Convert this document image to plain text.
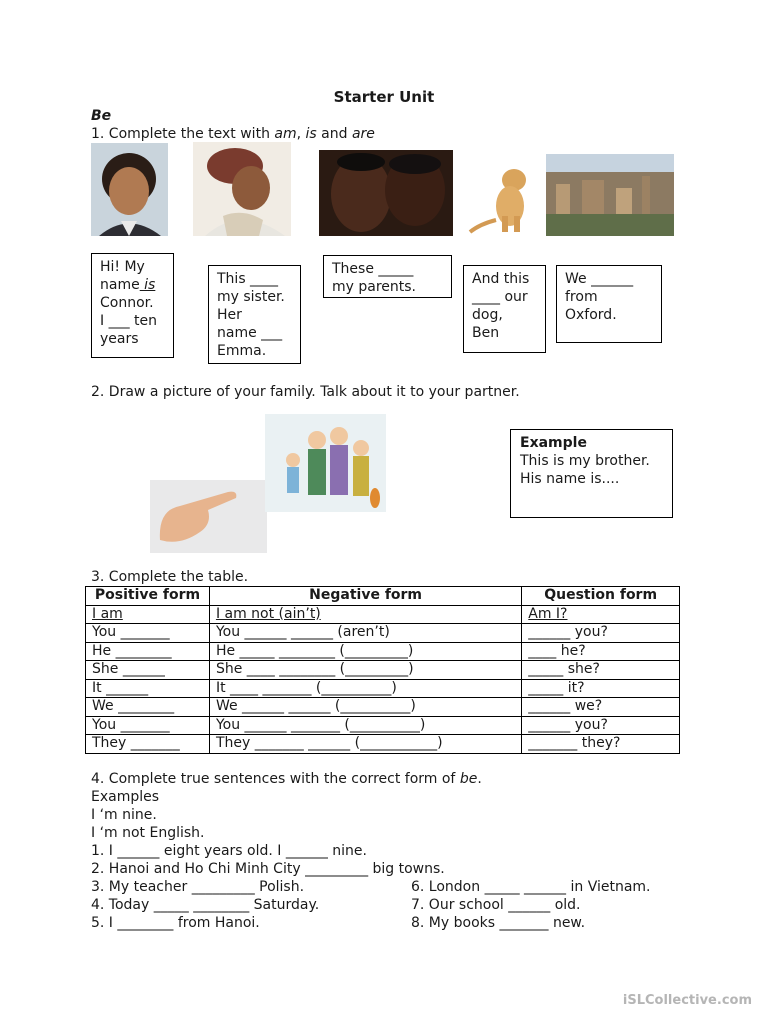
Starter Unit
Be
1. Complete the text with am, is and are
Hi! My
name is
Connor.
I ___ ten
years
This ____
my sister.
Her
name ___
Emma.
These _____
my parents.	And this
____ our
dog,
Ben
We ______
from
Oxford.
2. Draw a picture of your family. Talk about it to your partner.
Example
This is my brother.
His name is....
3. Complete the table.
Positive form	Negative form	Question form
I am	I am not (ain’t)	Am I?
You _______	You ______ ______ (aren’t)	______ you?
He ________	He _____ ________ (_________)	____ he?
She ______	She ____ ________ (_________)	_____ she?
It ______	It ____ _______ (__________)	_____ it?
We ________	We ______ ______ (__________)	______ we?
You _______	You ______ _______ (__________)	______ you?
They _______	They _______ ______ (___________)	_______ they?
4. Complete true sentences with the correct form of be.
Examples
I ‘m nine.
I ‘m not English.
1. I ______ eight years old. I ______ nine.
2. Hanoi and Ho Chi Minh City _________ big towns.
3. My teacher _________ Polish.
4. Today _____ ________ Saturday.
5. I ________ from Hanoi.
6. London _____ ______ in Vietnam.
7. Our school ______ old.
8. My books _______ new.
iSLCollective.com
